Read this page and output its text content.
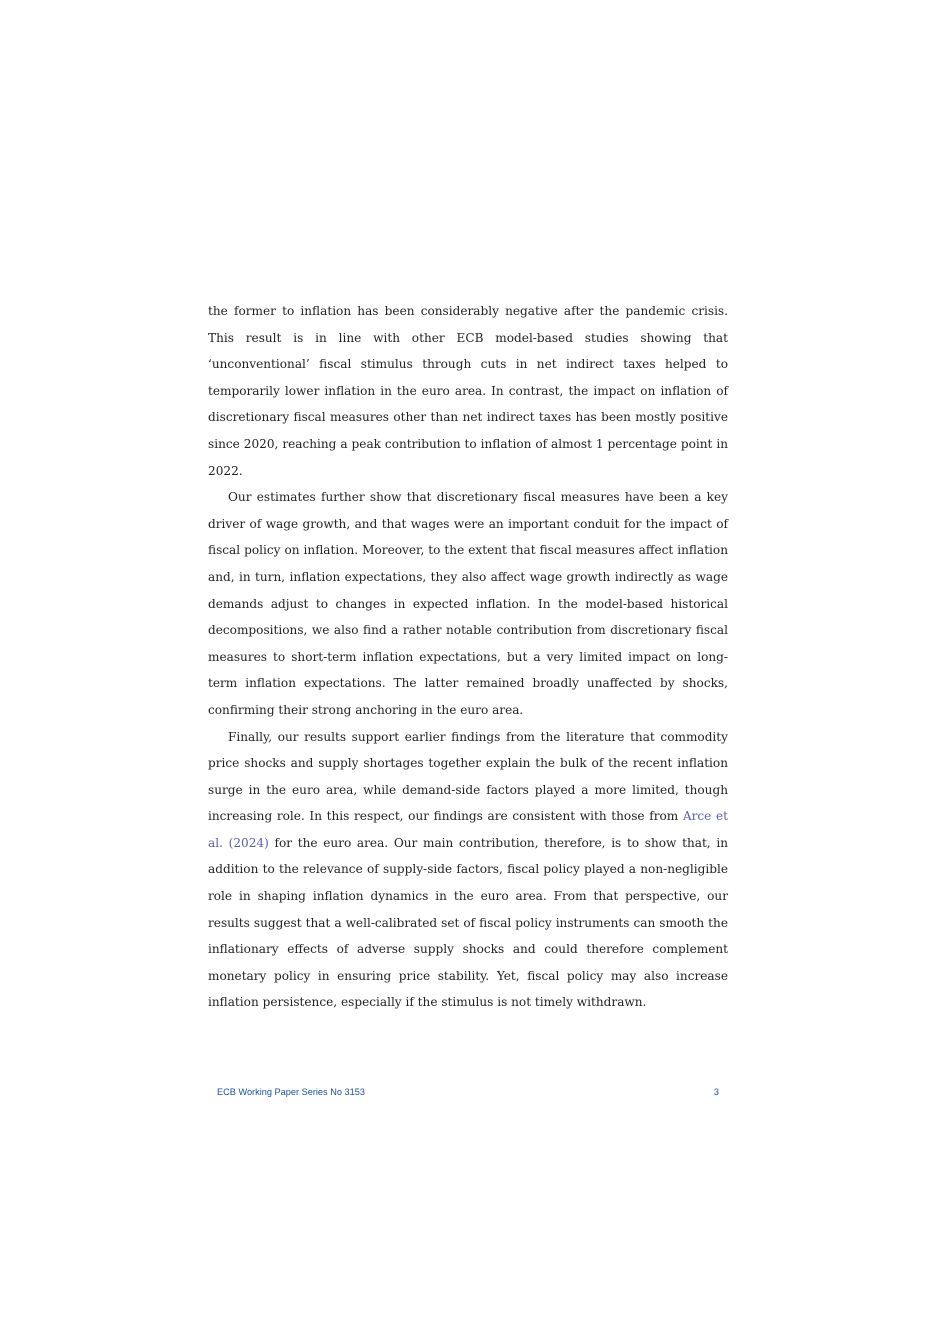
the former to inflation has been considerably negative after the pandemic crisis. This result is in line with other ECB model-based studies showing that ‘unconventional’ fiscal stimulus through cuts in net indirect taxes helped to temporarily lower inflation in the euro area. In contrast, the impact on inflation of discretionary fiscal measures other than net indirect taxes has been mostly positive since 2020, reaching a peak contribution to inflation of almost 1 percentage point in 2022.

Our estimates further show that discretionary fiscal measures have been a key driver of wage growth, and that wages were an important conduit for the impact of fiscal policy on inflation. Moreover, to the extent that fiscal measures affect inflation and, in turn, inflation expectations, they also affect wage growth indirectly as wage demands adjust to changes in expected inflation. In the model-based historical decompositions, we also find a rather notable contribution from discretionary fiscal measures to short-term inflation expectations, but a very limited impact on long-term inflation expectations. The latter remained broadly unaffected by shocks, confirming their strong anchoring in the euro area.

Finally, our results support earlier findings from the literature that commodity price shocks and supply shortages together explain the bulk of the recent inflation surge in the euro area, while demand-side factors played a more limited, though increasing role. In this respect, our findings are consistent with those from Arce et al. (2024) for the euro area. Our main contribution, therefore, is to show that, in addition to the relevance of supply-side factors, fiscal policy played a non-negligible role in shaping inflation dynamics in the euro area. From that perspective, our results suggest that a well-calibrated set of fiscal policy instruments can smooth the inflationary effects of adverse supply shocks and could therefore complement monetary policy in ensuring price stability. Yet, fiscal policy may also increase inflation persistence, especially if the stimulus is not timely withdrawn.

ECB Working Paper Series No 3153	3
